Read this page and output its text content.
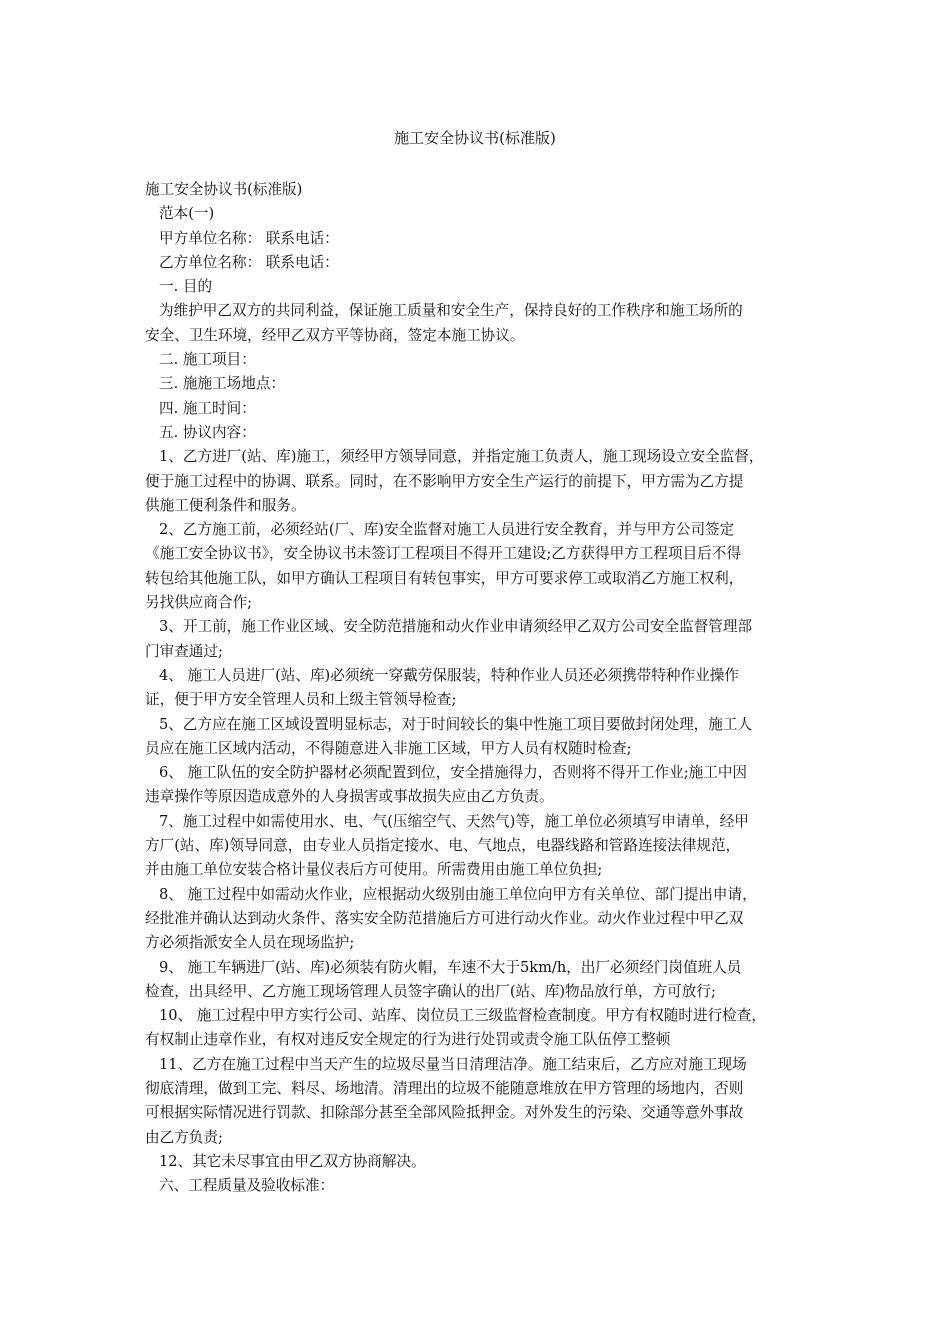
施工安全协议书(标准版)
施工安全协议书(标准版)
范本(一)
甲方单位名称： 联系电话：
乙方单位名称： 联系电话：
一. 目的
为维护甲乙双方的共同利益，保证施工质量和安全生产，保持良好的工作秩序和施工场所的
安全、卫生环境，经甲乙双方平等协商，签定本施工协议。
二. 施工项目：
三. 施施工场地点：
四. 施工时间：
五. 协议内容：
1、乙方进厂(站、库)施工，须经甲方领导同意，并指定施工负责人，施工现场设立安全监督，
便于施工过程中的协调、联系。同时，在不影响甲方安全生产运行的前提下，甲方需为乙方提
供施工便利条件和服务。
2、乙方施工前，必须经站(厂、库)安全监督对施工人员进行安全教育，并与甲方公司签定
《施工安全协议书》，安全协议书未签订工程项目不得开工建设;乙方获得甲方工程项目后不得
转包给其他施工队，如甲方确认工程项目有转包事实，甲方可要求停工或取消乙方施工权利，
另找供应商合作;
3、开工前，施工作业区域、安全防范措施和动火作业申请须经甲乙双方公司安全监督管理部
门审查通过;
4、 施工人员进厂(站、库)必须统一穿戴劳保服装，特种作业人员还必须携带特种作业操作
证，便于甲方安全管理人员和上级主管领导检查;
5、乙方应在施工区域设置明显标志，对于时间较长的集中性施工项目要做封闭处理，施工人
员应在施工区域内活动，不得随意进入非施工区域，甲方人员有权随时检查;
6、 施工队伍的安全防护器材必须配置到位，安全措施得力，否则将不得开工作业;施工中因
违章操作等原因造成意外的人身损害或事故损失应由乙方负责。
7、施工过程中如需使用水、电、气(压缩空气、天然气)等，施工单位必须填写申请单，经甲
方厂(站、库)领导同意，由专业人员指定接水、电、气地点，电器线路和管路连接法律规范，
并由施工单位安装合格计量仪表后方可使用。所需费用由施工单位负担;
8、 施工过程中如需动火作业，应根据动火级别由施工单位向甲方有关单位、部门提出申请，
经批准并确认达到动火条件、落实安全防范措施后方可进行动火作业。动火作业过程中甲乙双
方必须指派安全人员在现场监护;
9、 施工车辆进厂(站、库)必须装有防火帽，车速不大于5km/h，出厂必须经门岗值班人员
检查，出具经甲、乙方施工现场管理人员签字确认的出厂(站、库)物品放行单，方可放行;
10、 施工过程中甲方实行公司、站库、岗位员工三级监督检查制度。甲方有权随时进行检查，
有权制止违章作业，有权对违反安全规定的行为进行处罚或责令施工队伍停工整顿
11、乙方在施工过程中当天产生的垃圾尽量当日清理洁净。施工结束后，乙方应对施工现场
彻底清理，做到工完、料尽、场地清。清理出的垃圾不能随意堆放在甲方管理的场地内，否则
可根据实际情况进行罚款、扣除部分甚至全部风险抵押金。对外发生的污染、交通等意外事故
由乙方负责;
12、其它未尽事宜由甲乙双方协商解决。
六、工程质量及验收标准：
